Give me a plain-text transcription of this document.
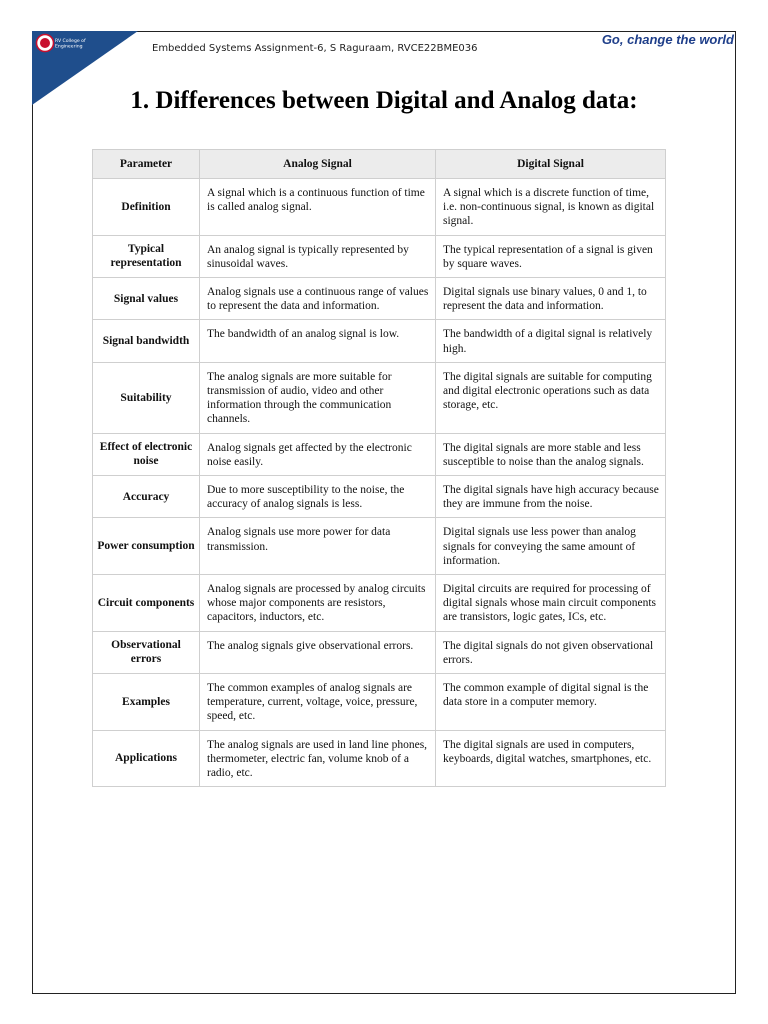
RV College of
Engineering	Embedded Systems Assignment-6, S Raguraam, RVCE22BME036
Go, change the world
1. Differences between Digital and Analog data:
Parameter	Analog Signal	Digital Signal
Definition	A signal which is a continuous function of time is called analog signal.	A signal which is a discrete function of time, i.e. non-continuous signal, is known as digital signal.
Typical representation	An analog signal is typically represented by sinusoidal waves.	The typical representation of a signal is given by square waves.
Signal values	Analog signals use a continuous range of values to represent the data and information.	Digital signals use binary values, 0 and 1, to represent the data and information.
Signal bandwidth	The bandwidth of an analog signal is low.	The bandwidth of a digital signal is relatively high.
Suitability	The analog signals are more suitable for transmission of audio, video and other information through the communication channels.	The digital signals are suitable for computing and digital electronic operations such as data storage, etc.
Effect of electronic noise	Analog signals get affected by the electronic noise easily.	The digital signals are more stable and less susceptible to noise than the analog signals.
Accuracy	Due to more susceptibility to the noise, the accuracy of analog signals is less.	The digital signals have high accuracy because they are immune from the noise.
Power consumption	Analog signals use more power for data transmission.	Digital signals use less power than analog signals for conveying the same amount of information.
Circuit components	Analog signals are processed by analog circuits whose major components are resistors, capacitors, inductors, etc.	Digital circuits are required for processing of digital signals whose main circuit components are transistors, logic gates, ICs, etc.
Observational errors	The analog signals give observational errors.	The digital signals do not given observational errors.
Examples	The common examples of analog signals are temperature, current, voltage, voice, pressure, speed, etc.	The common example of digital signal is the data store in a computer memory.
Applications	The analog signals are used in land line phones, thermometer, electric fan, volume knob of a radio, etc.	The digital signals are used in computers, keyboards, digital watches, smartphones, etc.
